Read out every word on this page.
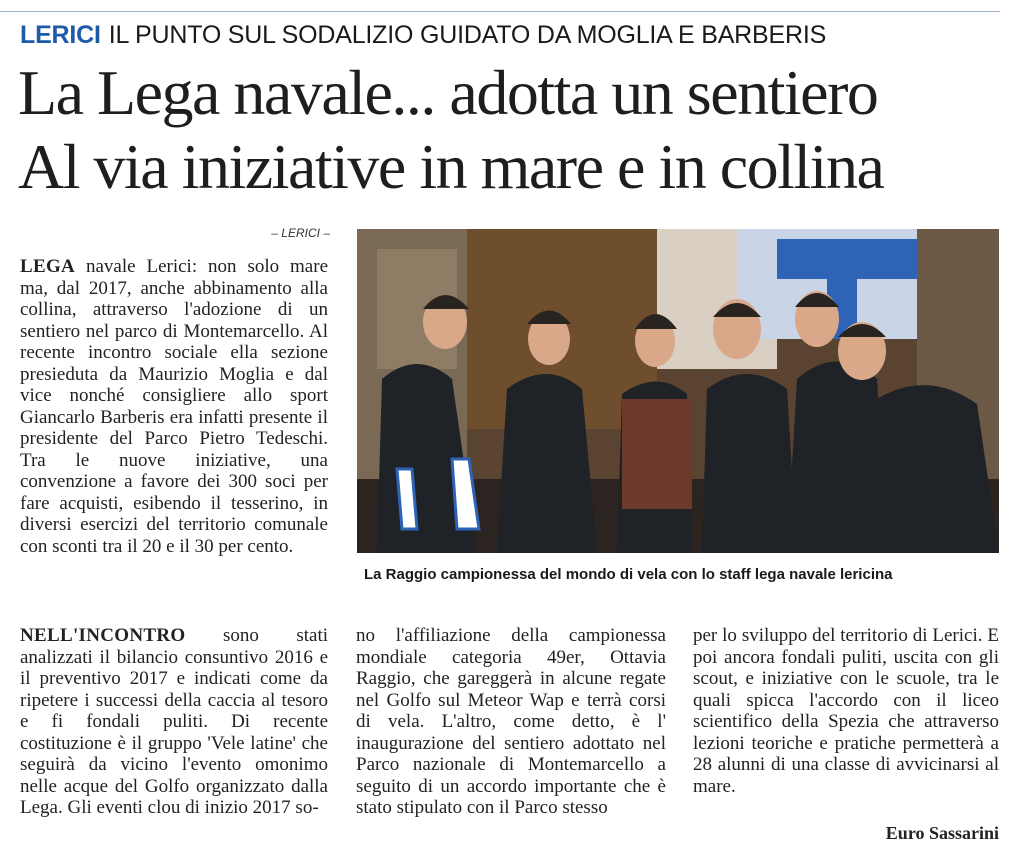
LERICI IL PUNTO SUL SODALIZIO GUIDATO DA MOGLIA E BARBERIS
La Lega navale... adotta un sentiero
Al via iniziative in mare e in collina
– LERICI –
LEGA navale Lerici: non solo mare ma, dal 2017, anche abbinamento alla collina, attraverso l'adozione di un sentiero nel parco di Montemarcello. Al recente incontro sociale ella sezione presieduta da Maurizio Moglia e dal vice nonché consigliere allo sport Giancarlo Barberis era infatti presente il presidente del Parco Pietro Tedeschi. Tra le nuove iniziative, una convenzione a favore dei 300 soci per fare acquisti, esibendo il tesserino, in diversi esercizi del territorio comunale con sconti tra il 20 e il 30 per cento.
La Raggio campionessa del mondo di vela con lo staff lega navale lericina
NELL'INCONTRO sono stati analizzati il bilancio consuntivo 2016 e il preventivo 2017 e indicati come da ripetere i successi della caccia al tesoro e fi fondali puliti. Di recente costituzione è il gruppo 'Vele latine' che seguirà da vicino l'evento omonimo nelle acque del Golfo organizzato dalla Lega. Gli eventi clou di inizio 2017 so-
no l'affiliazione della campionessa mondiale categoria 49er, Ottavia Raggio, che gareggerà in alcune regate nel Golfo sul Meteor Wap e terrà corsi di vela. L'altro, come detto, è l' inaugurazione del sentiero adottato nel Parco nazionale di Montemarcello a seguito di un accordo importante che è stato stipulato con il Parco stesso
per lo sviluppo del territorio di Lerici. E poi ancora fondali puliti, uscita con gli scout, e iniziative con le scuole, tra le quali spicca l'accordo con il liceo scientifico della Spezia che attraverso lezioni teoriche e pratiche permetterà a 28 alunni di una classe di avvicinarsi al mare.
Euro Sassarini
